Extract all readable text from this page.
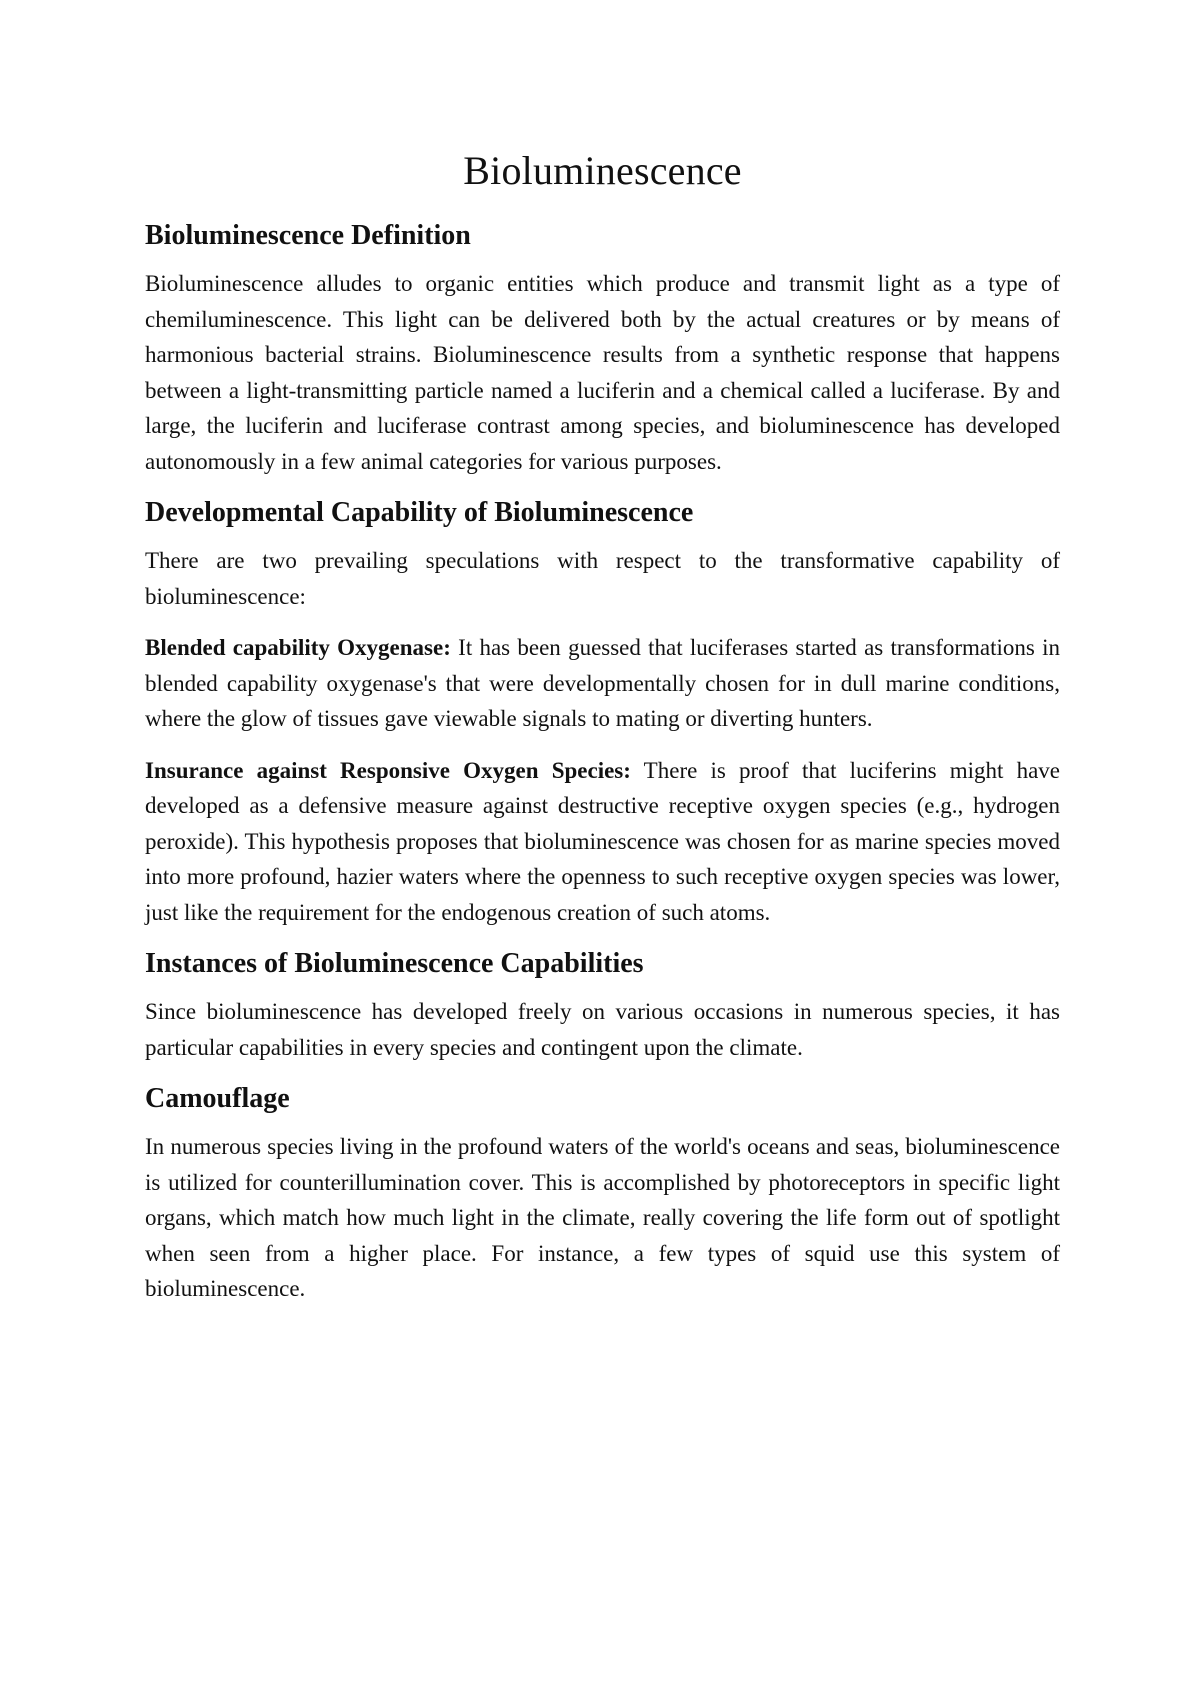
Bioluminescence
Bioluminescence Definition

Bioluminescence alludes to organic entities which produce and transmit light as a type of chemiluminescence. This light can be delivered both by the actual creatures or by means of harmonious bacterial strains. Bioluminescence results from a synthetic response that happens between a light-transmitting particle named a luciferin and a chemical called a luciferase. By and large, the luciferin and luciferase contrast among species, and bioluminescence has developed autonomously in a few animal categories for various purposes.

Developmental Capability of Bioluminescence

There are two prevailing speculations with respect to the transformative capability of bioluminescence:

Blended capability Oxygenase: It has been guessed that luciferases started as transformations in blended capability oxygenase's that were developmentally chosen for in dull marine conditions, where the glow of tissues gave viewable signals to mating or diverting hunters.

Insurance against Responsive Oxygen Species: There is proof that luciferins might have developed as a defensive measure against destructive receptive oxygen species (e.g., hydrogen peroxide). This hypothesis proposes that bioluminescence was chosen for as marine species moved into more profound, hazier waters where the openness to such receptive oxygen species was lower, just like the requirement for the endogenous creation of such atoms.

Instances of Bioluminescence Capabilities

Since bioluminescence has developed freely on various occasions in numerous species, it has particular capabilities in every species and contingent upon the climate.

Camouflage

In numerous species living in the profound waters of the world's oceans and seas, bioluminescence is utilized for counterillumination cover. This is accomplished by photoreceptors in specific light organs, which match how much light in the climate, really covering the life form out of spotlight when seen from a higher place. For instance, a few types of squid use this system of bioluminescence.
